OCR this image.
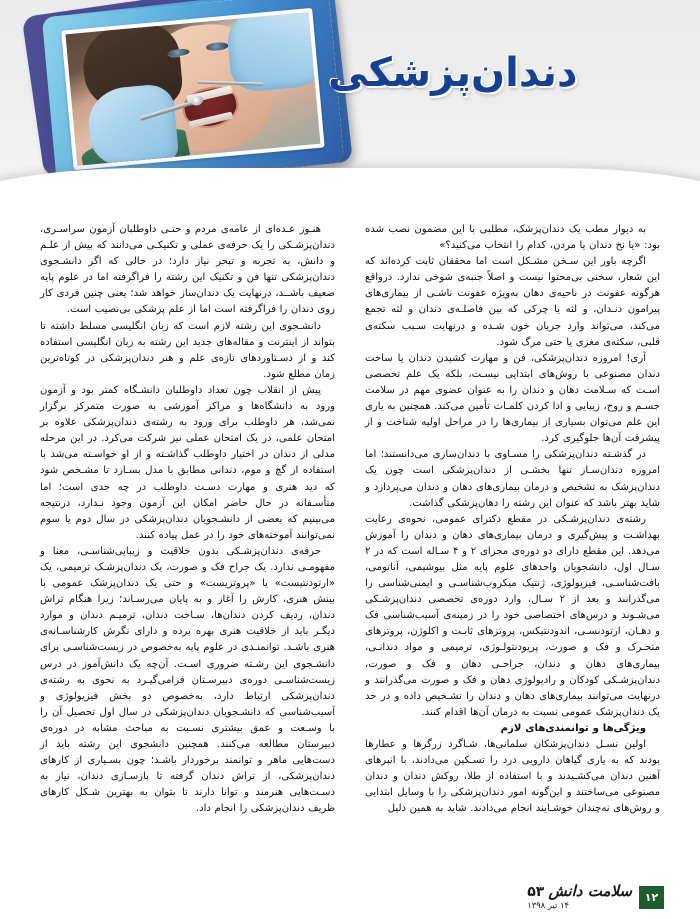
دندان‌پزشکی

به دیوار مطب یک دندان‌پزشک، مطلبی با این مضمون نصب شده بود: «یا نخ دندان یا مردن، کدام را انتخاب می‌کنید؟»

اگرچه باور این سـخن مشـکل است اما محققان ثابت کرده‌اند که این شعار، سخنی بی‌محتوا نیست و اصلاً جنبه‌ی شوخی ندارد. درواقع هرگونه عفونت در ناحیه‌ی دهان به‌ویژه عفونت ناشـی از بیماری‌های پیرامون دنـدان، و لثه یا چرکی که بین فاصلـه‌ی دندان و لثه تجمع می‌کند، می‌تواند وارد جریان خون شـده و درنهایت سـبب سکته‌ی قلبی، سکته‌ی مغزی یا حتی مرگ شود.

آری! امروزه دندان‌پزشکی، فن و مهارت کشیدن دندان یا ساخت دندان مصنوعی با روش‌های ابتدایی نیسـت، بلکه یک علم تخصصی اسـت که سـلامت دهان و دندان را به عنوان عضوی مهم در سلامت جسـم و روح، زیبایی و ادا کردن کلمـات تأمین می‌کند. همچنین به یاری این علم می‌توان بسیاری از بیماری‌ها را در مراحل اولیه شناخت و از پیشرفت آن‌ها جلوگیری کرد.

در گذشـته دندان‌پزشکی را مسـاوی با دندان‌سازی می‌دانستند؛ اما امروزه دندان‌سـاز تنها بخشـی از دندان‌پزشکی است چون یک دندان‌پزشک به تشخیص و درمان بیماری‌های دهان و دندان می‌پردازد و شاید بهتر باشد که عنوان این رشته را دهان‌پزشکی گذاشت.

رشته‌ی دندان‌پزشـکی در مقطع دکترای عمومی، نحوه‌ی رعایت بهداشـت و پیش‌گیری و درمان بیماری‌های دهان و دندان را آموزش می‌دهد. این مقطع دارای دو دوره‌ی مجزای ۲ و ۴ سـاله است که در ۲ سـال اول، دانشجویان واحدهای علوم پایه مثل بیوشیمی، آناتومی، بافت‌شناسـی، فیزیولوژی، ژنتیک میکروب‌شناسـی و ایمنی‌شناسی را می‌گذرانند و بعد از ۲ سـال، وارد دوره‌ی تخصصی دندان‌پزشـکی می‌شـوند و درس‌های اختصاصی خود را در زمینه‌ی آسیب‌شناسی فک و دهـان، ارتودنسـی، اندودنتیکس، پروتزهای ثابـت و اکلوژن، پروتزهای متحـرک و فک و صورت، پریودنتولـوژی، ترمیمی و مواد دندانـی، بیماری‌های دهان و دندان، جراحـی دهان و فک و صورت، دندان‌پزشـکی کودکان و رادیولوژی دهان و فک و صورت می‌گذرانند و درنهایت می‌توانند بیماری‌های دهان و دندان را تشـخیص داده و در حد یک دندان‌پزشک عمومی نسبت به درمان آن‌ها اقدام کنند.

ویژگی‌ها و توانمندی‌های لازم

اولین نسـل دندان‌پزشکان سلمانی‌ها، شـاگرد زرگرها و عطارها بودند که به یاری گیاهان دارویی درد را تسـکین می‌دادند، با انبرهای آهنین دندان می‌کشـیدند و با استفاده از طلا، روکش دندان و دندان مصنوعی می‌ساختند و این‌گونه امور دندان‌پزشکی را با وسایل ابتدایی و روش‌های نه‌چندان خوشـایند انجام می‌دادند. شاید به همین دلیل

هنـوز عـده‌ای از عامه‌ی مردم و حتـی داوطلبان آزمون سراسـری، دندان‌پزشـکی را یک حرفه‌ی عملی و تکنیکـی می‌دانند که بیش از علـم و دانش، به تجربه و تبحر نیاز دارد؛ در حالی که اگر دانشـجوی دندان‌پزشکی تنها فن و تکنیک این رشته را فراگرفته اما در علوم پایه ضعیف باشــد، درنهایت یک دندان‌ساز خواهد شد؛ یعنی چنین فردی کار روی دندان را فراگرفته است اما از علم پزشکی بی‌نصیب است.

دانشـجوی این رشته لازم است که زبان انگلیسی مسلط داشته تا بتواند از اینترنت و مقاله‌های جدید این رشته به زبان انگلیسی استفاده کند و از دسـتاوردهای تازه‌ی علم و هنر دندان‌پزشکی در کوتاه‌ترین زمان مطلع شود.

پیش از انقلاب چون تعداد داوطلبان دانشـگاه کمتر بود و آزمون ورود به دانشگاه‌ها و مراکز آموزشی به صورت متمرکز برگزار نمی‌شد، هر داوطلب برای ورود به رشته‌ی دندان‌پزشکی علاوه بر امتحان علمی، در یک امتحان عملی نیز شرکت می‌کرد. در این مرحله مدلی از دندان در اختیار داوطلب گذاشـته و از او خواسـته می‌شد با استفاده از گچ و موم، دندانی مطابق با مدل بسـازد تا مشـخص شود که دید هنری و مهارت دسـت داوطلب در چه حدی است؛ اما متأسـفانه در حال حاضر امکان این آزمون وجود نـدارد، درنتیجه می‌بینیم که بعضی از دانشـجویان دندان‌پزشکی در سال دوم یا سوم نمی‌توانند آموخته‌های خود را در عمل پیاده کنند.

حرفه‌ی دندان‌پزشـکی بدون خلاقیت و زیبایی‌شناسـی، معنا و مفهومـی ندارد. یک جراح فک و صورت، یک دندان‌پزشـک ترمیمی، یک «ارتودنتیست» یا «پروتزیست» و حتی یک دندان‌پزشک عمومی با بینش هنری، کارش را آغاز و به پایان می‌رسـاند؛ زیرا هنگام تراش دندان، ردیف کردن دندان‌ها، سـاخت دندان، ترمیـم دندان و موارد دیگـر باید از خلاقیت هنری بهره برده و دارای نگرش کارشناسـانه‌ی هنری باشـد. توانمنـدی در علوم پایه به‌خصوص در زیست‌شناسـی برای دانشـجوی این رشـته ضروری اسـت. آن‌چه یک دانش‌آموز در درس زیست‌شناسـی دوره‌ی دبیرسـتان فرامی‌گیـرد به نحوی به رشته‌ی دندان‌پزشکی ارتباط دارد، به‌خصوص دو بخش فیزیولوژی و آسیب‌شناسی که دانشـجویان دندان‌پزشکی در سال اول تحصیل آن را با وسـعت و عمق بیشتری نسـبت به مباحث مشابه در دوره‌ی دبیرستان مطالعه می‌کنند. همچنین دانشجوی این رشته باید از دست‌هایی ماهر و توانمند برخوردار باشـد؛ چون بسـیاری از کارهای دندان‌پزشکی، از تراش دندان گرفته تا بازسـازی دندان، نیاز به دسـت‌هایی هنرمند و توانا دارند تا بتوان به بهترین شـکل کارهای ظریف دندان‌پزشکی را انجام داد.

سلامت دانش
۵۳
۱۴ تیر ۱۳۹۸
۱۲
